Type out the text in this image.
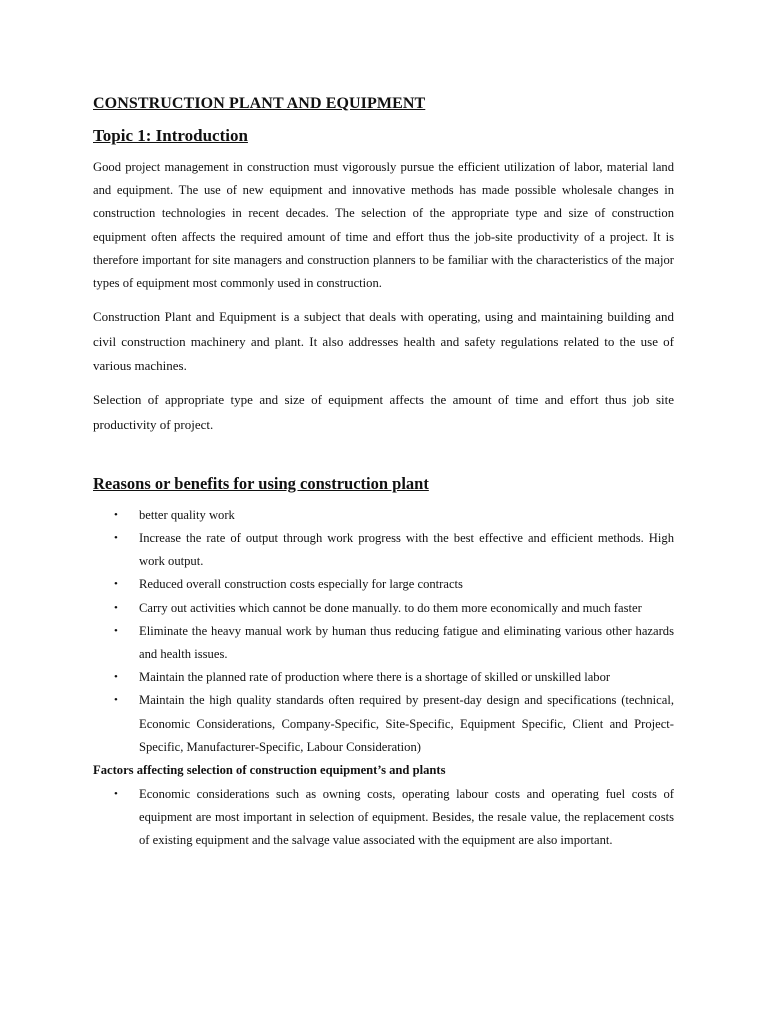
CONSTRUCTION PLANT AND EQUIPMENT
Topic 1: Introduction

Good project management in construction must vigorously pursue the efficient utilization of labor, material land and equipment. The use of new equipment and innovative methods has made possible wholesale changes in construction technologies in recent decades. The selection of the appropriate type and size of construction equipment often affects the required amount of time and effort thus the job-site productivity of a project. It is therefore important for site managers and construction planners to be familiar with the characteristics of the major types of equipment most commonly used in construction.

Construction Plant and Equipment is a subject that deals with operating, using and maintaining building and civil construction machinery and plant. It also addresses health and safety regulations related to the use of various machines.

Selection of appropriate type and size of equipment affects the amount of time and effort thus job site productivity of project.

Reasons or benefits for using construction plant
• better quality work
• Increase the rate of output through work progress with the best effective and efficient methods. High work output.
• Reduced overall construction costs especially for large contracts
• Carry out activities which cannot be done manually. to do them more economically and much faster
• Eliminate the heavy manual work by human thus reducing fatigue and eliminating various other hazards and health issues.
• Maintain the planned rate of production where there is a shortage of skilled or unskilled labor
• Maintain the high quality standards often required by present-day design and specifications (technical, Economic Considerations, Company-Specific, Site-Specific, Equipment Specific, Client and Project-Specific, Manufacturer-Specific, Labour Consideration)

Factors affecting selection of construction equipment’s and plants

• Economic considerations such as owning costs, operating labour costs and operating fuel costs of equipment are most important in selection of equipment. Besides, the resale value, the replacement costs of existing equipment and the salvage value associated with the equipment are also important.
